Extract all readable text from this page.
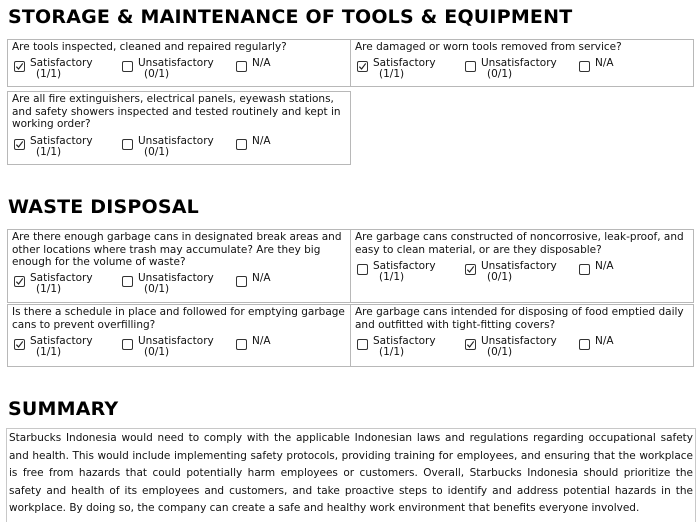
STORAGE & MAINTENANCE OF TOOLS & EQUIPMENT
Are tools inspected, cleaned and repaired regularly?
Satisfactory
(1/1)
Unsatisfactory
(0/1)
N/A
Are damaged or worn tools removed from service?
Satisfactory
(1/1)
Unsatisfactory
(0/1)
N/A
Are all fire extinguishers, electrical panels, eyewash stations, and safety showers inspected and tested routinely and kept in working order?
Satisfactory
(1/1)
Unsatisfactory
(0/1)
N/A
WASTE DISPOSAL
Are there enough garbage cans in designated break areas and other locations where trash may accumulate? Are they big enough for the volume of waste?
Satisfactory
(1/1)
Unsatisfactory
(0/1)
N/A
Are garbage cans constructed of noncorrosive, leak-proof, and easy to clean material, or are they disposable?
Satisfactory
(1/1)
Unsatisfactory
(0/1)
N/A
Is there a schedule in place and followed for emptying garbage cans to prevent overfilling?
Satisfactory
(1/1)
Unsatisfactory
(0/1)
N/A
Are garbage cans intended for disposing of food emptied daily and outfitted with tight-fitting covers?
Satisfactory
(1/1)
Unsatisfactory
(0/1)
N/A
SUMMARY

Starbucks Indonesia would need to comply with the applicable Indonesian laws and regulations regarding occupational safety and health. This would include implementing safety protocols, providing training for employees, and ensuring that the workplace is free from hazards that could potentially harm employees or customers. Overall, Starbucks Indonesia should prioritize the safety and health of its employees and customers, and take proactive steps to identify and address potential hazards in the workplace. By doing so, the company can create a safe and healthy work environment that benefits everyone involved.
